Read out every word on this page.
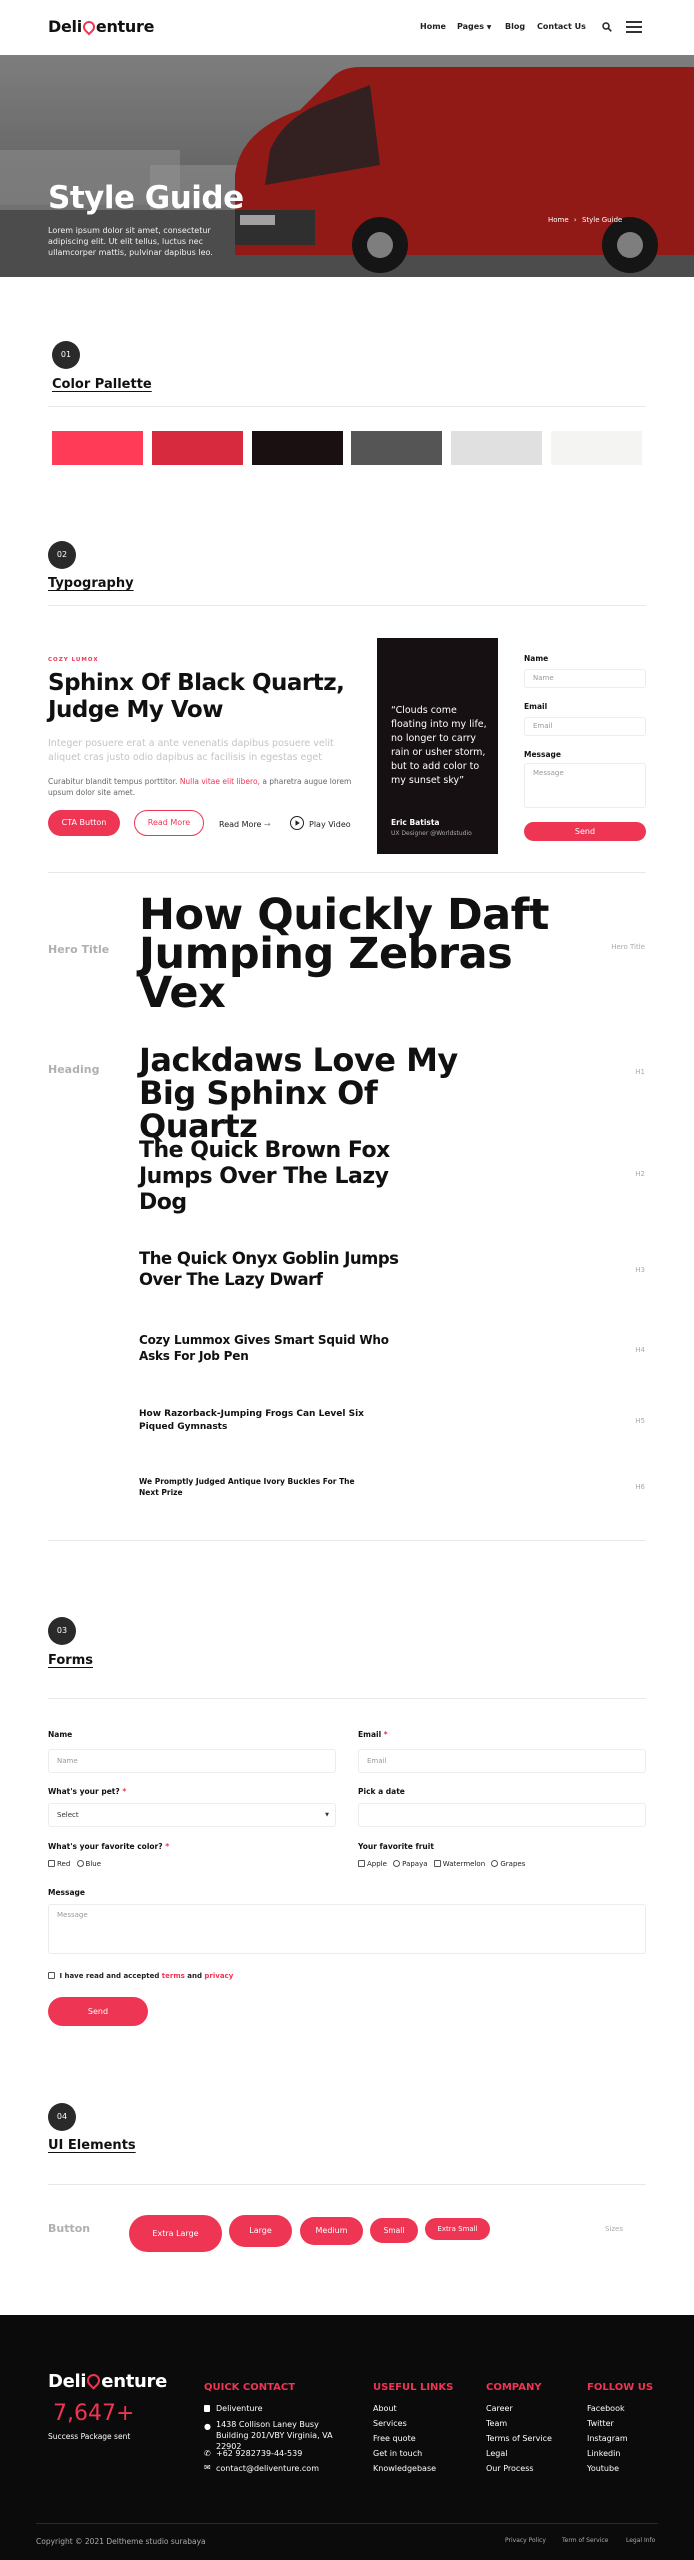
Deli enture	Home Pages ▼ Blog Contact Us
Style Guide
Lorem ipsum dolor sit amet, consectetur adipiscing elit. Ut elit tellus, luctus nec ullamcorper mattis, pulvinar dapibus leo.
Home › Style Guide
01
Color Pallette
02
Typography
COZY LUMOX
Sphinx Of Black Quartz, Judge My Vow
Integer posuere erat a ante venenatis dapibus posuere velit aliquet cras justo odio dapibus ac facilisis in egestas eget
Curabitur blandit tempus porttitor. Nulla vitae elit libero, a pharetra augue lorem upsum dolor site amet.
CTA Button	Read More	Read More →	Play Video
“Clouds come floating into my life, no longer to carry rain or usher storm, but to add color to my sunset sky”
Eric Batista
UX Designer @Worldstudio
Name
Name
Email
Email
Message
Message
Send
Hero Title
How Quickly Daft Jumping Zebras Vex
Hero Title
Heading Jackdaws Love My Big Sphinx Of Quartz
H1
The Quick Brown Fox Jumps Over The Lazy Dog
H2
The Quick Onyx Goblin Jumps Over The Lazy Dwarf	H3
Cozy Lummox Gives Smart Squid Who Asks For Job Pen	H4
How Razorback-Jumping Frogs Can Level Six Piqued Gymnasts
H5
We Promptly Judged Antique Ivory Buckles For The Next Prize
H6
03
Forms
Name
Name
Email *
Email
What's your pet? *
Select	▼
Pick a date
What's your favorite color? *
Red Blue
Your favorite fruit
Apple Papaya Watermelon Grapes
Message
Message
I have read and accepted terms and privacy
Send
04
UI Elements
Button	Extra Large	Large	Medium	Small	Extra Small	Sizes
Deli enture
7,647+
Success Package sent
QUICK CONTACT
Deliventure
● 1438 Collison Laney Busy Building 201/VBY Virginia, VA 22902
✆ +62 9282739-44-539
✉ contact@deliventure.com
USEFUL LINKS
About
Services
Free quote
Get in touch
Knowledgebase
COMPANY
Career
Team
Terms of Service
Legal
Our Process
FOLLOW US
Facebook
Twitter
Instagram
Linkedin
Youtube
Copyright © 2021 Deltheme studio surabaya	Privacy Policy	Term of Service	Legal Info
